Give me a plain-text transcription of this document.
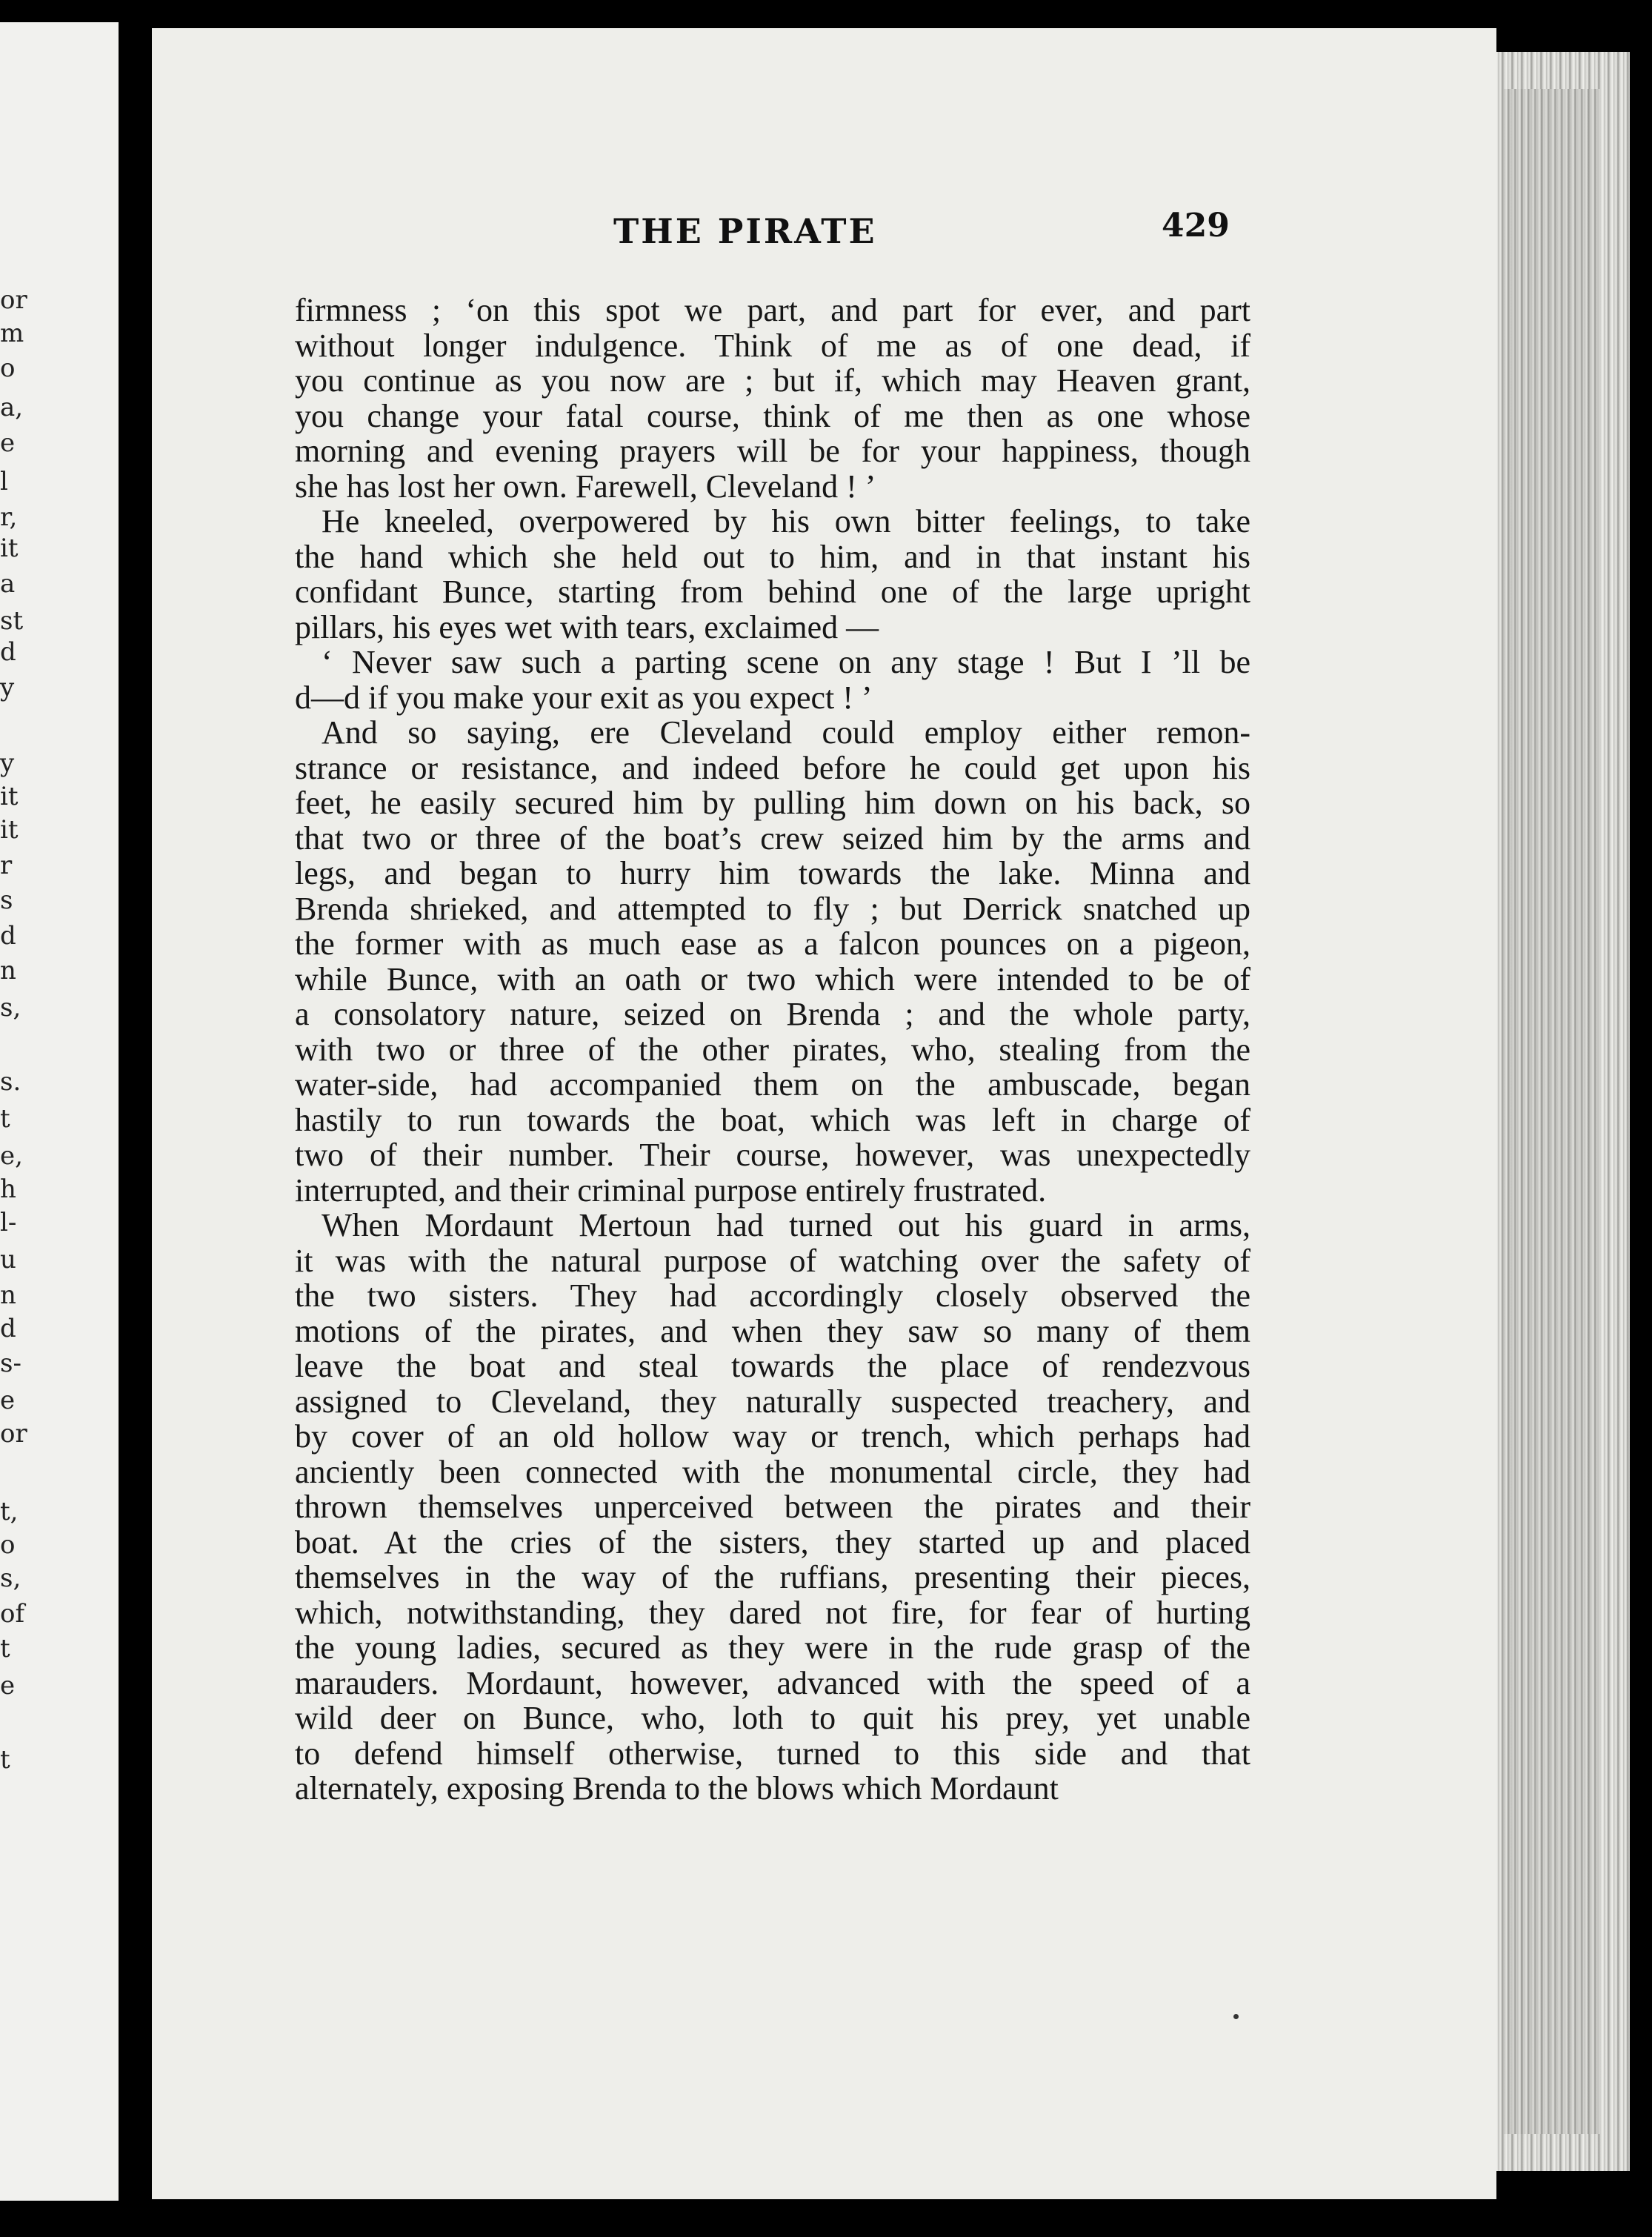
or
m
o
a,
e
l
r,
it
a
st
d
y
y
it
it
r
s
d
n
s,
s.
t
e,
h
l-
u
n
d
s-
e
or
t,
o
s,
of
t
e
t
THE PIRATE	429
firmness ; ‘on this spot we part, and part for ever, and part
without longer indulgence. Think of me as of one dead, if
you continue as you now are ; but if, which may Heaven grant,
you change your fatal course, think of me then as one whose
morning and evening prayers will be for your happiness, though
she has lost her own. Farewell, Cleveland ! ’
He kneeled, overpowered by his own bitter feelings, to take
the hand which she held out to him, and in that instant his
confidant Bunce, starting from behind one of the large upright
pillars, his eyes wet with tears, exclaimed —
‘ Never saw such a parting scene on any stage ! But I ’ll be
d—d if you make your exit as you expect ! ’
And so saying, ere Cleveland could employ either remon-
strance or resistance, and indeed before he could get upon his
feet, he easily secured him by pulling him down on his back, so
that two or three of the boat’s crew seized him by the arms and
legs, and began to hurry him towards the lake. Minna and
Brenda shrieked, and attempted to fly ; but Derrick snatched up
the former with as much ease as a falcon pounces on a pigeon,
while Bunce, with an oath or two which were intended to be of
a consolatory nature, seized on Brenda ; and the whole party,
with two or three of the other pirates, who, stealing from the
water-side, had accompanied them on the ambuscade, began
hastily to run towards the boat, which was left in charge of
two of their number. Their course, however, was unexpectedly
interrupted, and their criminal purpose entirely frustrated.
When Mordaunt Mertoun had turned out his guard in arms,
it was with the natural purpose of watching over the safety of
the two sisters. They had accordingly closely observed the
motions of the pirates, and when they saw so many of them
leave the boat and steal towards the place of rendezvous
assigned to Cleveland, they naturally suspected treachery, and
by cover of an old hollow way or trench, which perhaps had
anciently been connected with the monumental circle, they had
thrown themselves unperceived between the pirates and their
boat. At the cries of the sisters, they started up and placed
themselves in the way of the ruffians, presenting their pieces,
which, notwithstanding, they dared not fire, for fear of hurting
the young ladies, secured as they were in the rude grasp of the
marauders. Mordaunt, however, advanced with the speed of a
wild deer on Bunce, who, loth to quit his prey, yet unable
to defend himself otherwise, turned to this side and that
alternately, exposing Brenda to the blows which Mordaunt
